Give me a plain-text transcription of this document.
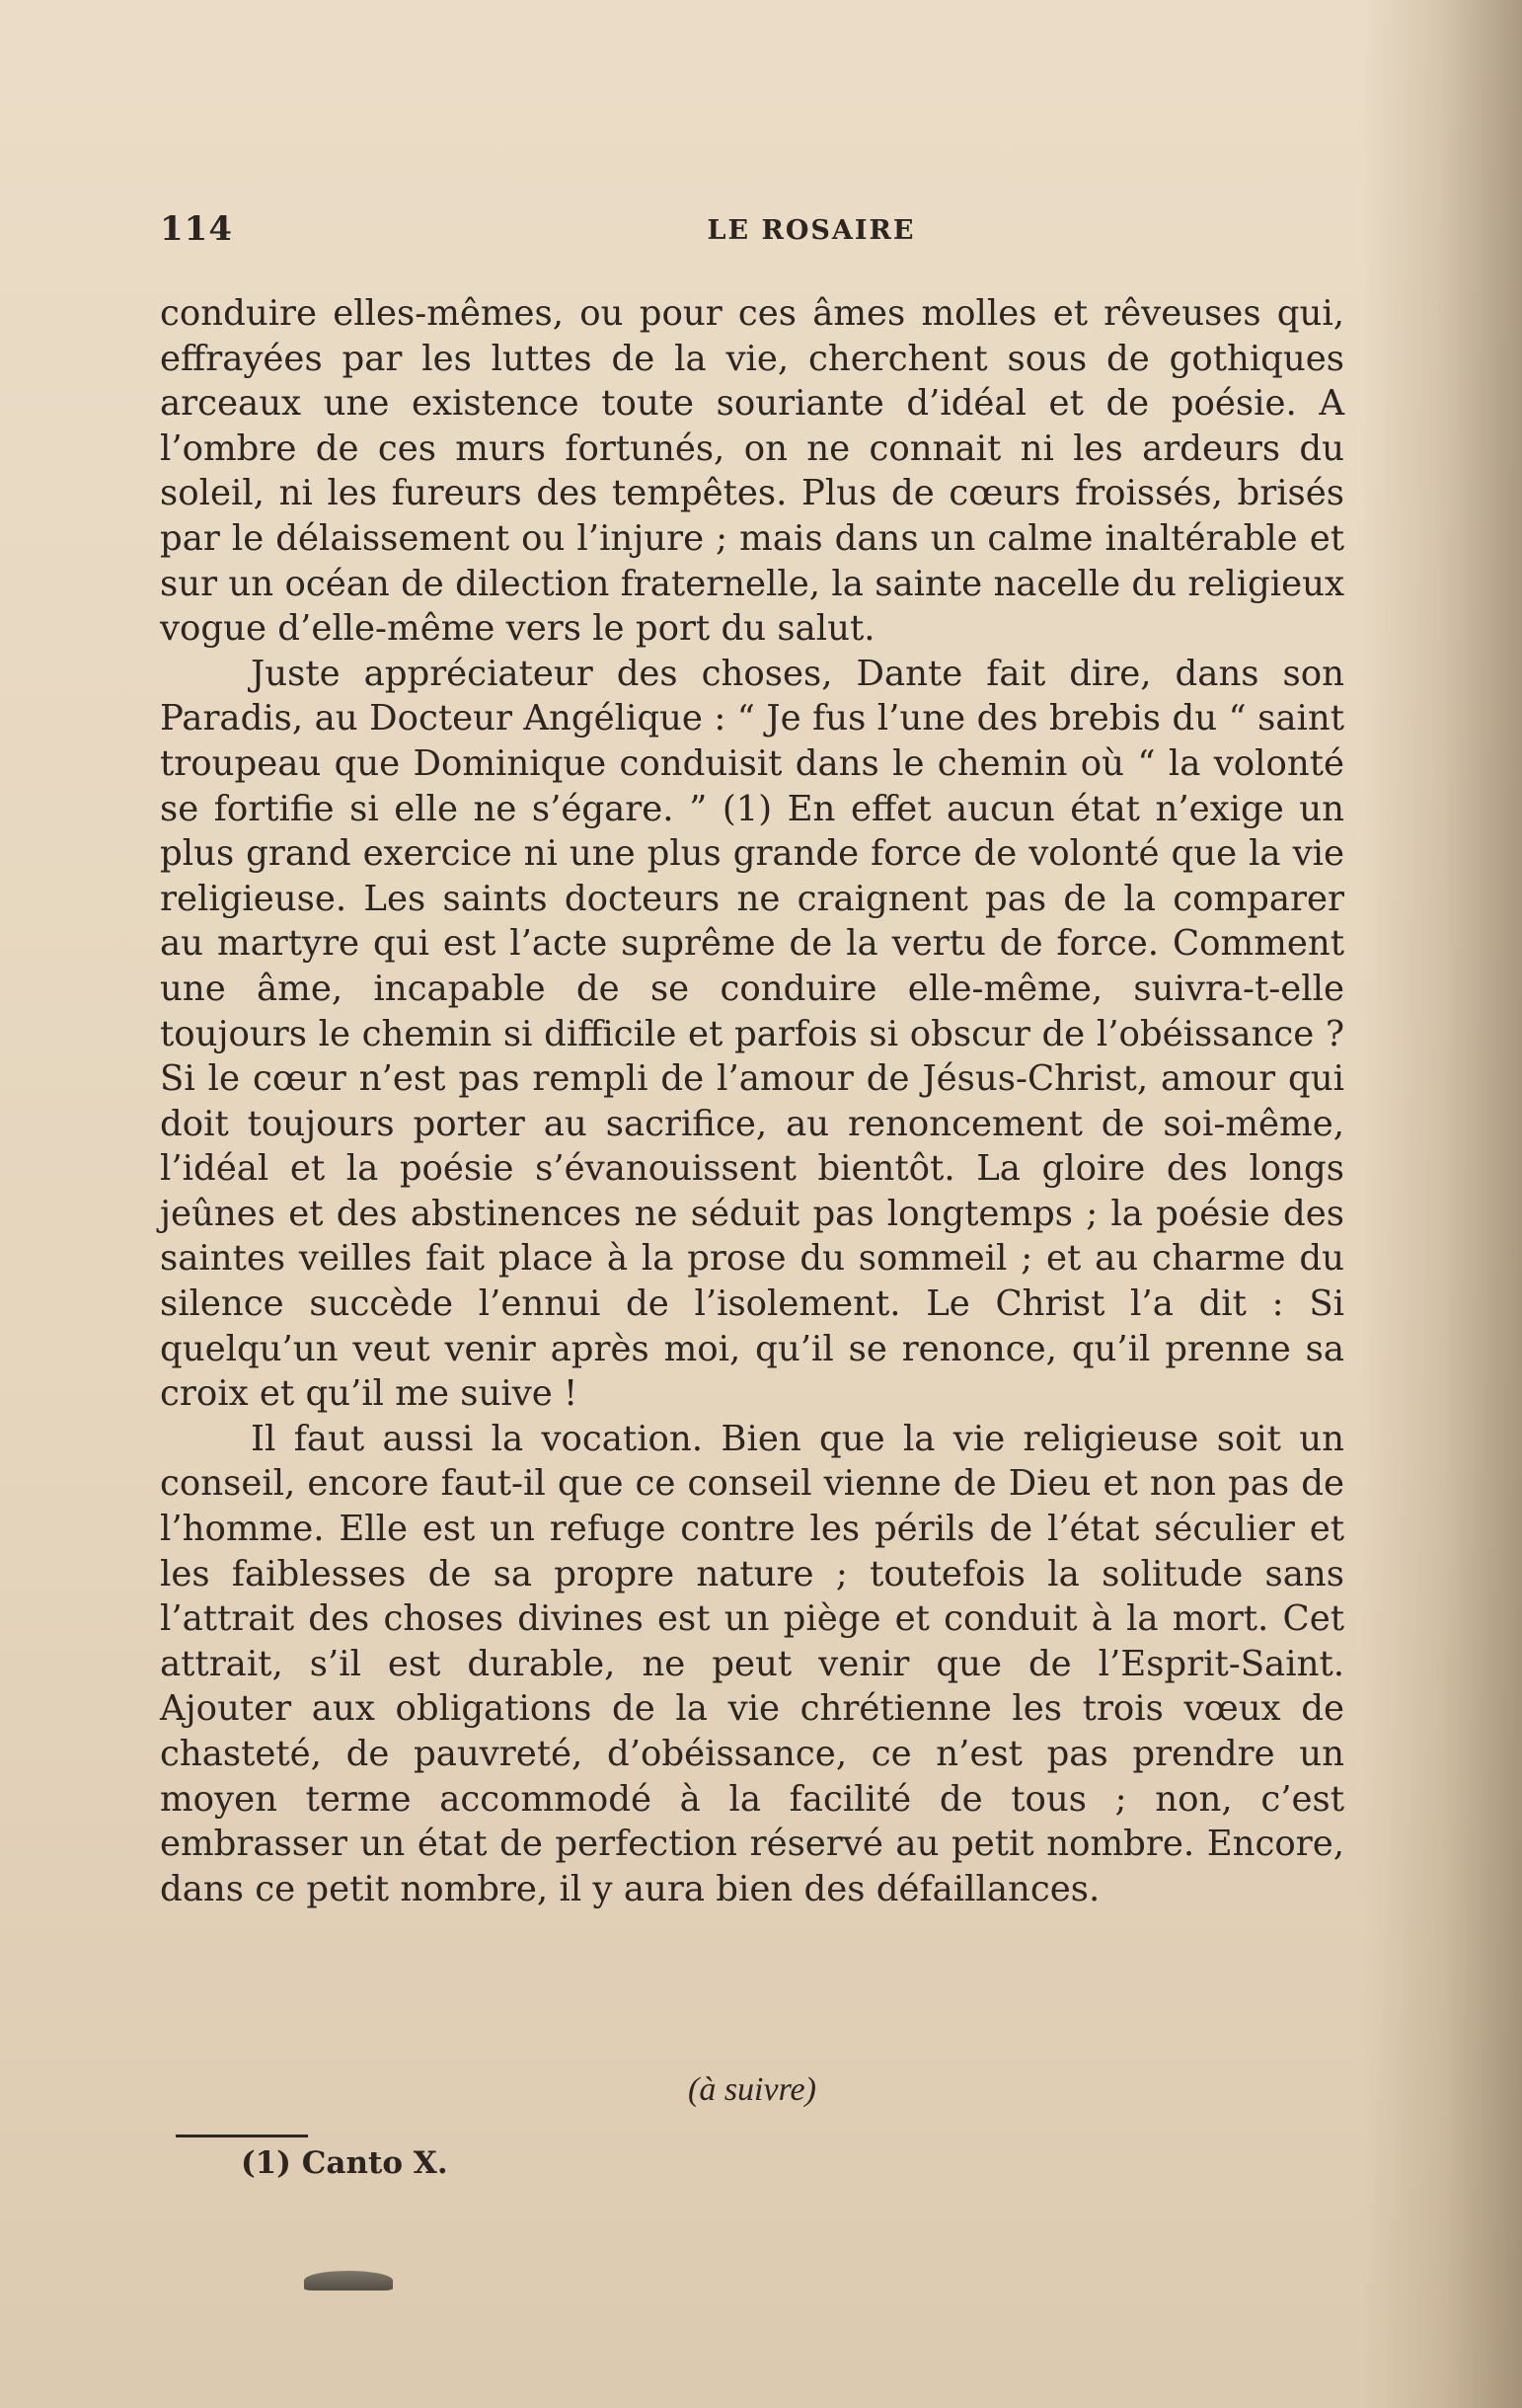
114	LE ROSAIRE

conduire elles-mêmes, ou pour ces âmes molles et rêveuses qui, effrayées par les luttes de la vie, cherchent sous de gothiques arceaux une existence toute souriante d’idéal et de poésie. A l’ombre de ces murs fortunés, on ne connait ni les ardeurs du soleil, ni les fureurs des tempêtes. Plus de cœurs froissés, brisés par le délaissement ou l’injure ; mais dans un calme inaltérable et sur un océan de dilection fraternelle, la sainte nacelle du religieux vogue d’elle-même vers le port du salut.

Juste appréciateur des choses, Dante fait dire, dans son Paradis, au Docteur Angélique : “ Je fus l’une des brebis du “ saint troupeau que Dominique conduisit dans le chemin où “ la volonté se fortifie si elle ne s’égare. ” (1) En effet aucun état n’exige un plus grand exercice ni une plus grande force de volonté que la vie religieuse. Les saints docteurs ne craignent pas de la comparer au martyre qui est l’acte suprême de la vertu de force. Comment une âme, incapable de se conduire elle-même, suivra-t-elle toujours le chemin si difficile et parfois si obscur de l’obéissance ? Si le cœur n’est pas rempli de l’amour de Jésus-Christ, amour qui doit toujours porter au sacrifice, au renoncement de soi-même, l’idéal et la poésie s’évanouissent bientôt. La gloire des longs jeûnes et des abstinences ne séduit pas longtemps ; la poésie des saintes veilles fait place à la prose du sommeil ; et au charme du silence succède l’ennui de l’isolement. Le Christ l’a dit : Si quelqu’un veut venir après moi, qu’il se renonce, qu’il prenne sa croix et qu’il me suive !

Il faut aussi la vocation. Bien que la vie religieuse soit un conseil, encore faut-il que ce conseil vienne de Dieu et non pas de l’homme. Elle est un refuge contre les périls de l’état séculier et les faiblesses de sa propre nature ; toutefois la solitude sans l’attrait des choses divines est un piège et conduit à la mort. Cet attrait, s’il est durable, ne peut venir que de l’Esprit-Saint. Ajouter aux obligations de la vie chrétienne les trois vœux de chasteté, de pauvreté, d’obéissance, ce n’est pas prendre un moyen terme accommodé à la facilité de tous ; non, c’est embrasser un état de perfection réservé au petit nombre. Encore, dans ce petit nombre, il y aura bien des défaillances.

(à suivre)
(1) Canto X.
